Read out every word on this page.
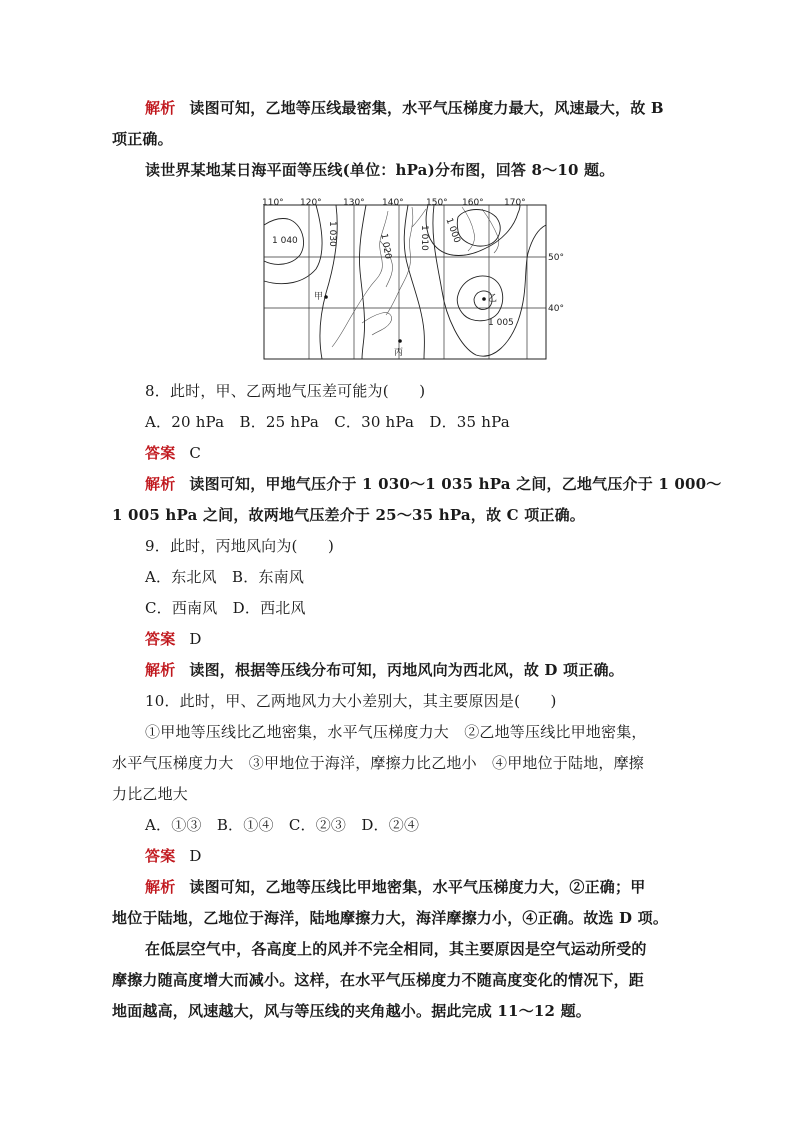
解析 读图可知，乙地等压线最密集，水平气压梯度力最大，风速最大，故 B
项正确。
读世界某地某日海平面等压线(单位：hPa)分布图，回答 8～10 题。
110° 120° 130° 140° 150° 160° 170°
50°
40°
1 040	1 030	1 020	1 010 1 000
1 005
甲	乙
丙
8．此时，甲、乙两地气压差可能为(　　)
A．20 hPa　B．25 hPa　C．30 hPa　D．35 hPa
答案 C
解析 读图可知，甲地气压介于 1 030～1 035 hPa 之间，乙地气压介于 1 000～
1 005 hPa 之间，故两地气压差介于 25～35 hPa，故 C 项正确。
9．此时，丙地风向为(　　)
A．东北风　B．东南风
C．西南风　D．西北风
答案 D
解析 读图，根据等压线分布可知，丙地风向为西北风，故 D 项正确。
10．此时，甲、乙两地风力大小差别大，其主要原因是(　　)
①甲地等压线比乙地密集，水平气压梯度力大　②乙地等压线比甲地密集，
水平气压梯度力大　③甲地位于海洋，摩擦力比乙地小　④甲地位于陆地，摩擦
力比乙地大
A．①③　B．①④　C．②③　D．②④
答案 D
解析 读图可知，乙地等压线比甲地密集，水平气压梯度力大，②正确；甲
地位于陆地，乙地位于海洋，陆地摩擦力大，海洋摩擦力小，④正确。故选 D 项。
在低层空气中，各高度上的风并不完全相同，其主要原因是空气运动所受的
摩擦力随高度增大而减小。这样，在水平气压梯度力不随高度变化的情况下，距
地面越高，风速越大，风与等压线的夹角越小。据此完成 11～12 题。
